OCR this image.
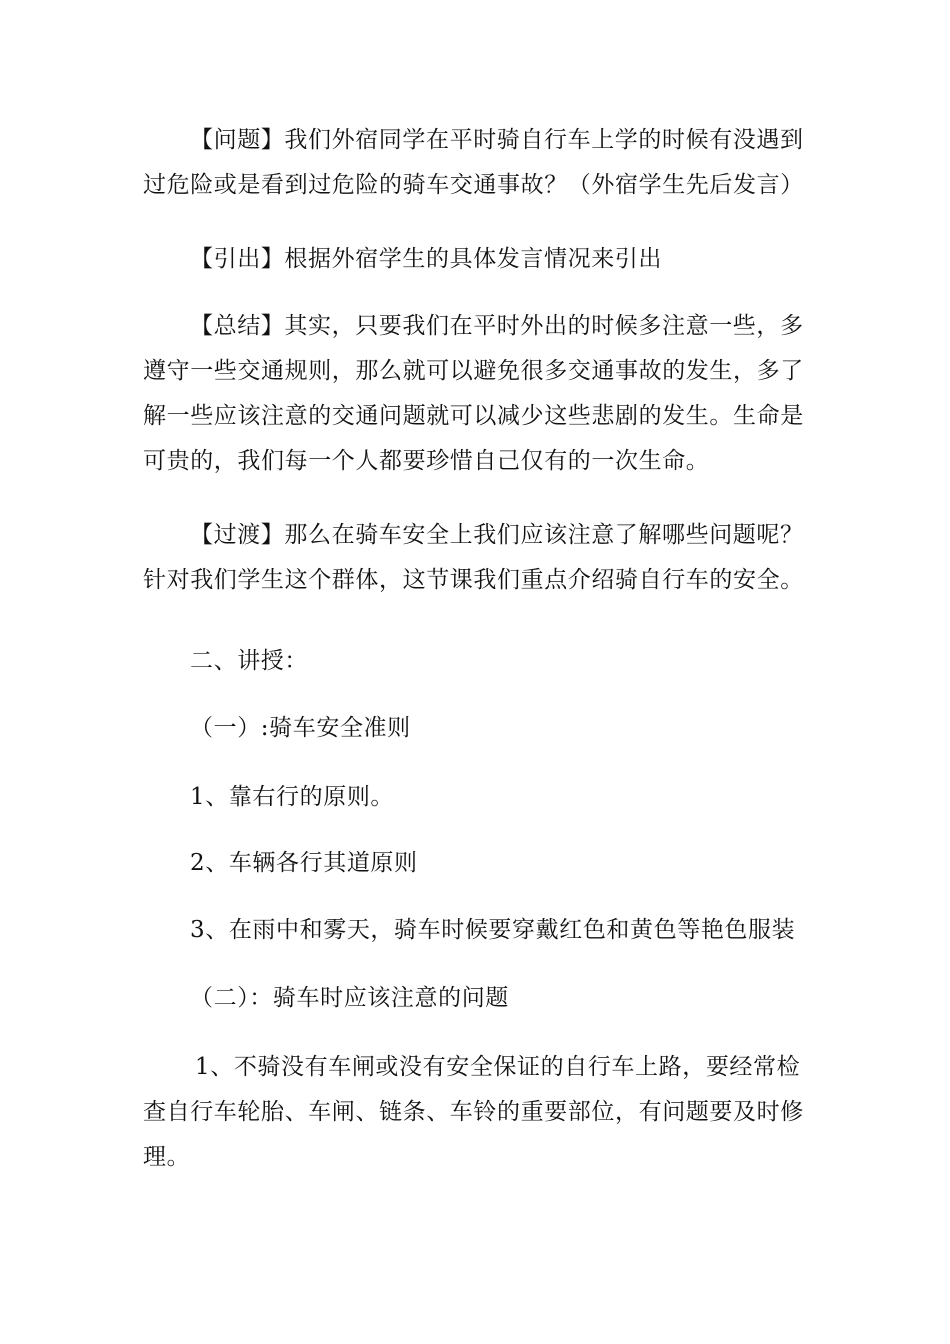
【问题】我们外宿同学在平时骑自行车上学的时候有没遇到
过危险或是看到过危险的骑车交通事故？（外宿学生先后发言）

【引出】根据外宿学生的具体发言情况来引出

【总结】其实，只要我们在平时外出的时候多注意一些，多
遵守一些交通规则，那么就可以避免很多交通事故的发生，多了
解一些应该注意的交通问题就可以减少这些悲剧的发生。生命是
可贵的，我们每一个人都要珍惜自己仅有的一次生命。

【过渡】那么在骑车安全上我们应该注意了解哪些问题呢？
针对我们学生这个群体，这节课我们重点介绍骑自行车的安全。

二、讲授：

（一）:骑车安全准则

1、靠右行的原则。

2、车辆各行其道原则

3、在雨中和雾天，骑车时候要穿戴红色和黄色等艳色服装

（二）：骑车时应该注意的问题

1、不骑没有车闸或没有安全保证的自行车上路，要经常检
查自行车轮胎、车闸、链条、车铃的重要部位，有问题要及时修
理。
